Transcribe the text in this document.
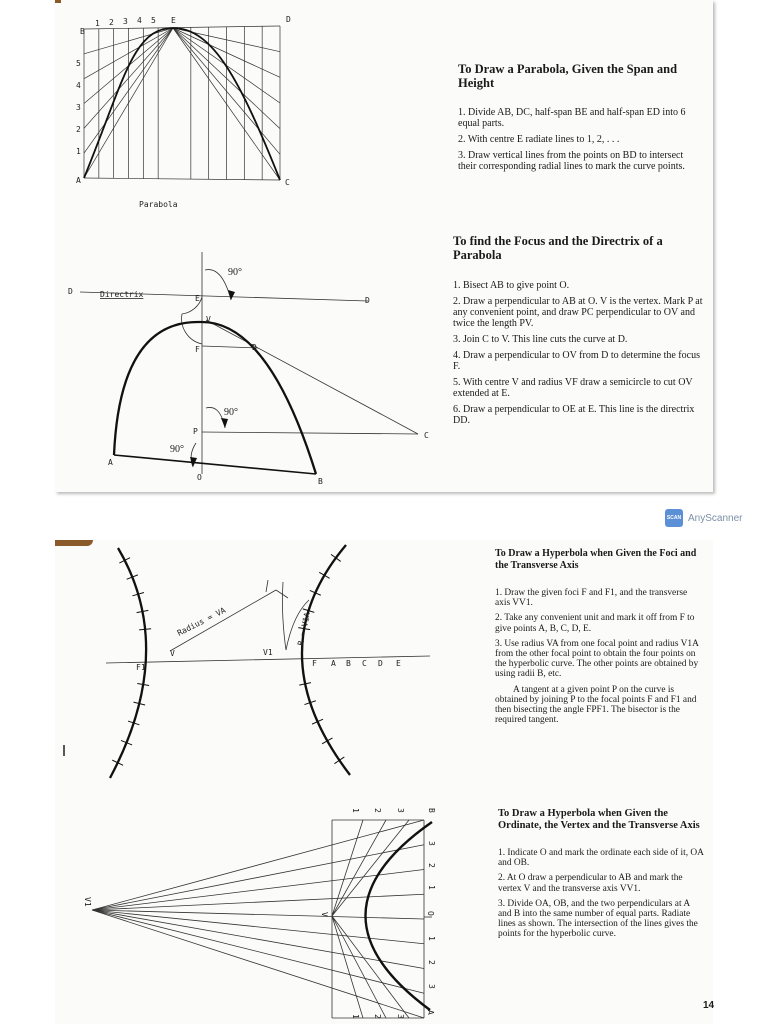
B
E	D
A	C
1 2 3 4 5
5
4
3
2
1
Parabola
D	Directrix	E	D
V
F	D
P	C
A
O	B
90°
90°
90°
To Draw a Parabola, Given the Span and Height

1. Divide AB, DC, half-span BE and half-span ED into 6 equal parts.

2. With centre E radiate lines to 1, 2, . . .

3. Draw vertical lines from the points on BD to intersect their corresponding radial lines to mark the curve points.

To find the Focus and the Directrix of a Parabola

1. Bisect AB to give point O.

2. Draw a perpendicular to AB at O. V is the vertex. Mark P at any convenient point, and draw PC perpendicular to OV and twice the length PV.

3. Join C to V. This line cuts the curve at D.

4. Draw a perpendicular to OV from D to determine the focus F.

5. With centre V and radius VF draw a semicircle to cut OV extended at E.

6. Draw a perpendicular to OE at E. This line is the directrix DD.

SCAN AnyScanner
Radius = VA	R = V1A
F1
V	V1
F A B C D E
V1
V	O
A
B
1 2 3
3
2
1
1
2
3
1 2 3
To Draw a Hyperbola when Given the Foci and the Transverse Axis

1. Draw the given foci F and F1, and the transverse axis VV1.

2. Take any convenient unit and mark it off from F to give points A, B, C, D, E.

3. Use radius VA from one focal point and radius V1A from the other focal point to obtain the four points on the hyperbolic curve. The other points are obtained by using radii B, etc.

A tangent at a given point P on the curve is obtained by joining P to the focal points F and F1 and then bisecting the angle FPF1. The bisector is the required tangent.

To Draw a Hyperbola when Given the Ordinate, the Vertex and the Transverse Axis

1. Indicate O and mark the ordinate each side of it, OA and OB.

2. At O draw a perpendicular to AB and mark the vertex V and the transverse axis VV1.

3. Divide OA, OB, and the two perpendiculars at A and B into the same number of equal parts. Radiate lines as shown. The intersection of the lines gives the points for the hyperbolic curve.

14
